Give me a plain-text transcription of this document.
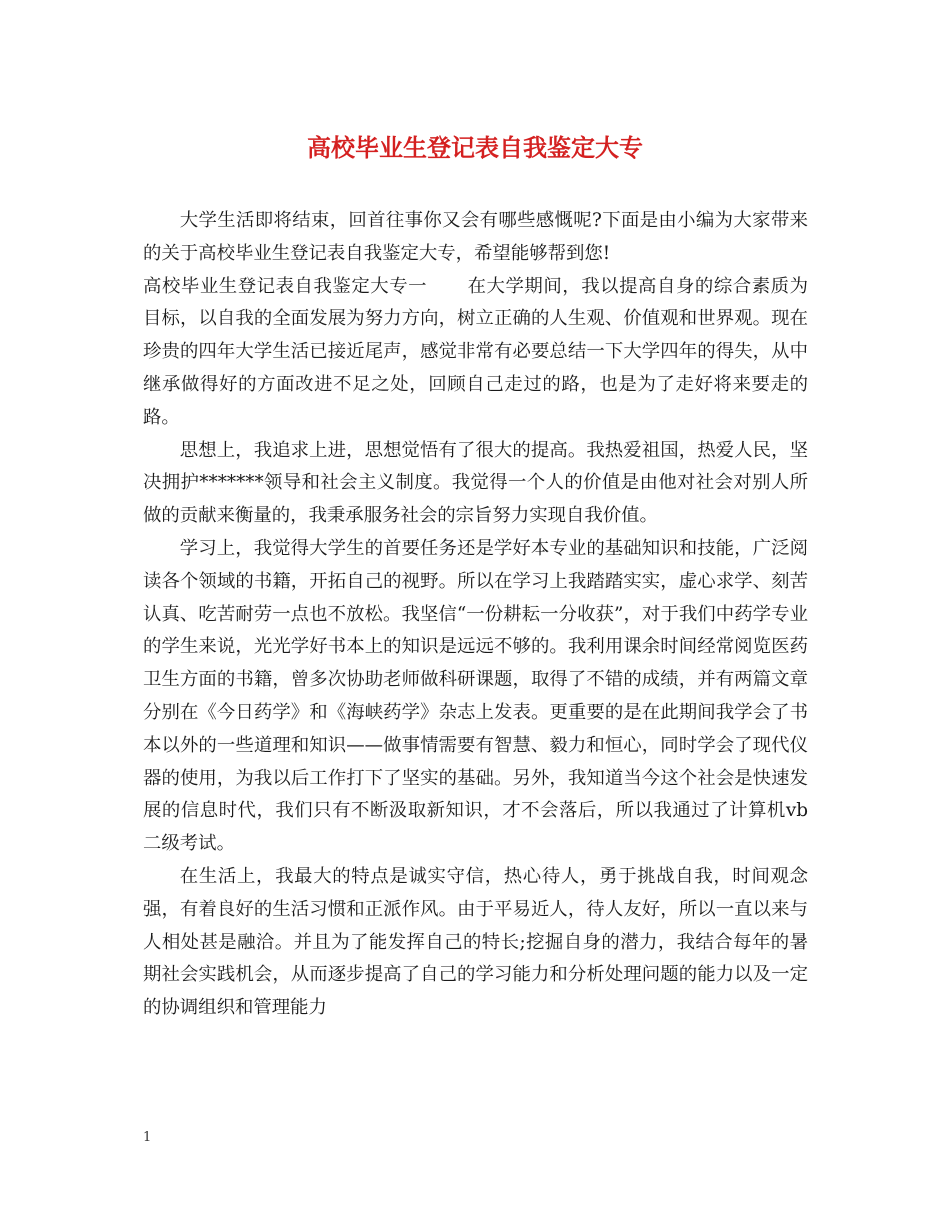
高校毕业生登记表自我鉴定大专

大学生活即将结束，回首往事你又会有哪些感慨呢?下面是由小编为大家带来的关于高校毕业生登记表自我鉴定大专，希望能够帮到您!

高校毕业生登记表自我鉴定大专一 在大学期间，我以提高自身的综合素质为目标，以自我的全面发展为努力方向，树立正确的人生观、价值观和世界观。现在珍贵的四年大学生活已接近尾声，感觉非常有必要总结一下大学四年的得失，从中继承做得好的方面改进不足之处，回顾自己走过的路，也是为了走好将来要走的路。

思想上，我追求上进，思想觉悟有了很大的提高。我热爱祖国，热爱人民，坚决拥护*******领导和社会主义制度。我觉得一个人的价值是由他对社会对别人所做的贡献来衡量的，我秉承服务社会的宗旨努力实现自我价值。

学习上，我觉得大学生的首要任务还是学好本专业的基础知识和技能，广泛阅读各个领域的书籍，开拓自己的视野。所以在学习上我踏踏实实，虚心求学、刻苦认真、吃苦耐劳一点也不放松。我坚信“一份耕耘一分收获”，对于我们中药学专业的学生来说，光光学好书本上的知识是远远不够的。我利用课余时间经常阅览医药卫生方面的书籍，曾多次协助老师做科研课题，取得了不错的成绩，并有两篇文章分别在《今日药学》和《海峡药学》杂志上发表。更重要的是在此期间我学会了书本以外的一些道理和知识——做事情需要有智慧、毅力和恒心，同时学会了现代仪器的使用，为我以后工作打下了坚实的基础。另外，我知道当今这个社会是快速发展的信息时代，我们只有不断汲取新知识，才不会落后，所以我通过了计算机vb二级考试。

在生活上，我最大的特点是诚实守信，热心待人，勇于挑战自我，时间观念强，有着良好的生活习惯和正派作风。由于平易近人，待人友好，所以一直以来与人相处甚是融洽。并且为了能发挥自己的特长;挖掘自身的潜力，我结合每年的暑期社会实践机会，从而逐步提高了自己的学习能力和分析处理问题的能力以及一定的协调组织和管理能力

1
